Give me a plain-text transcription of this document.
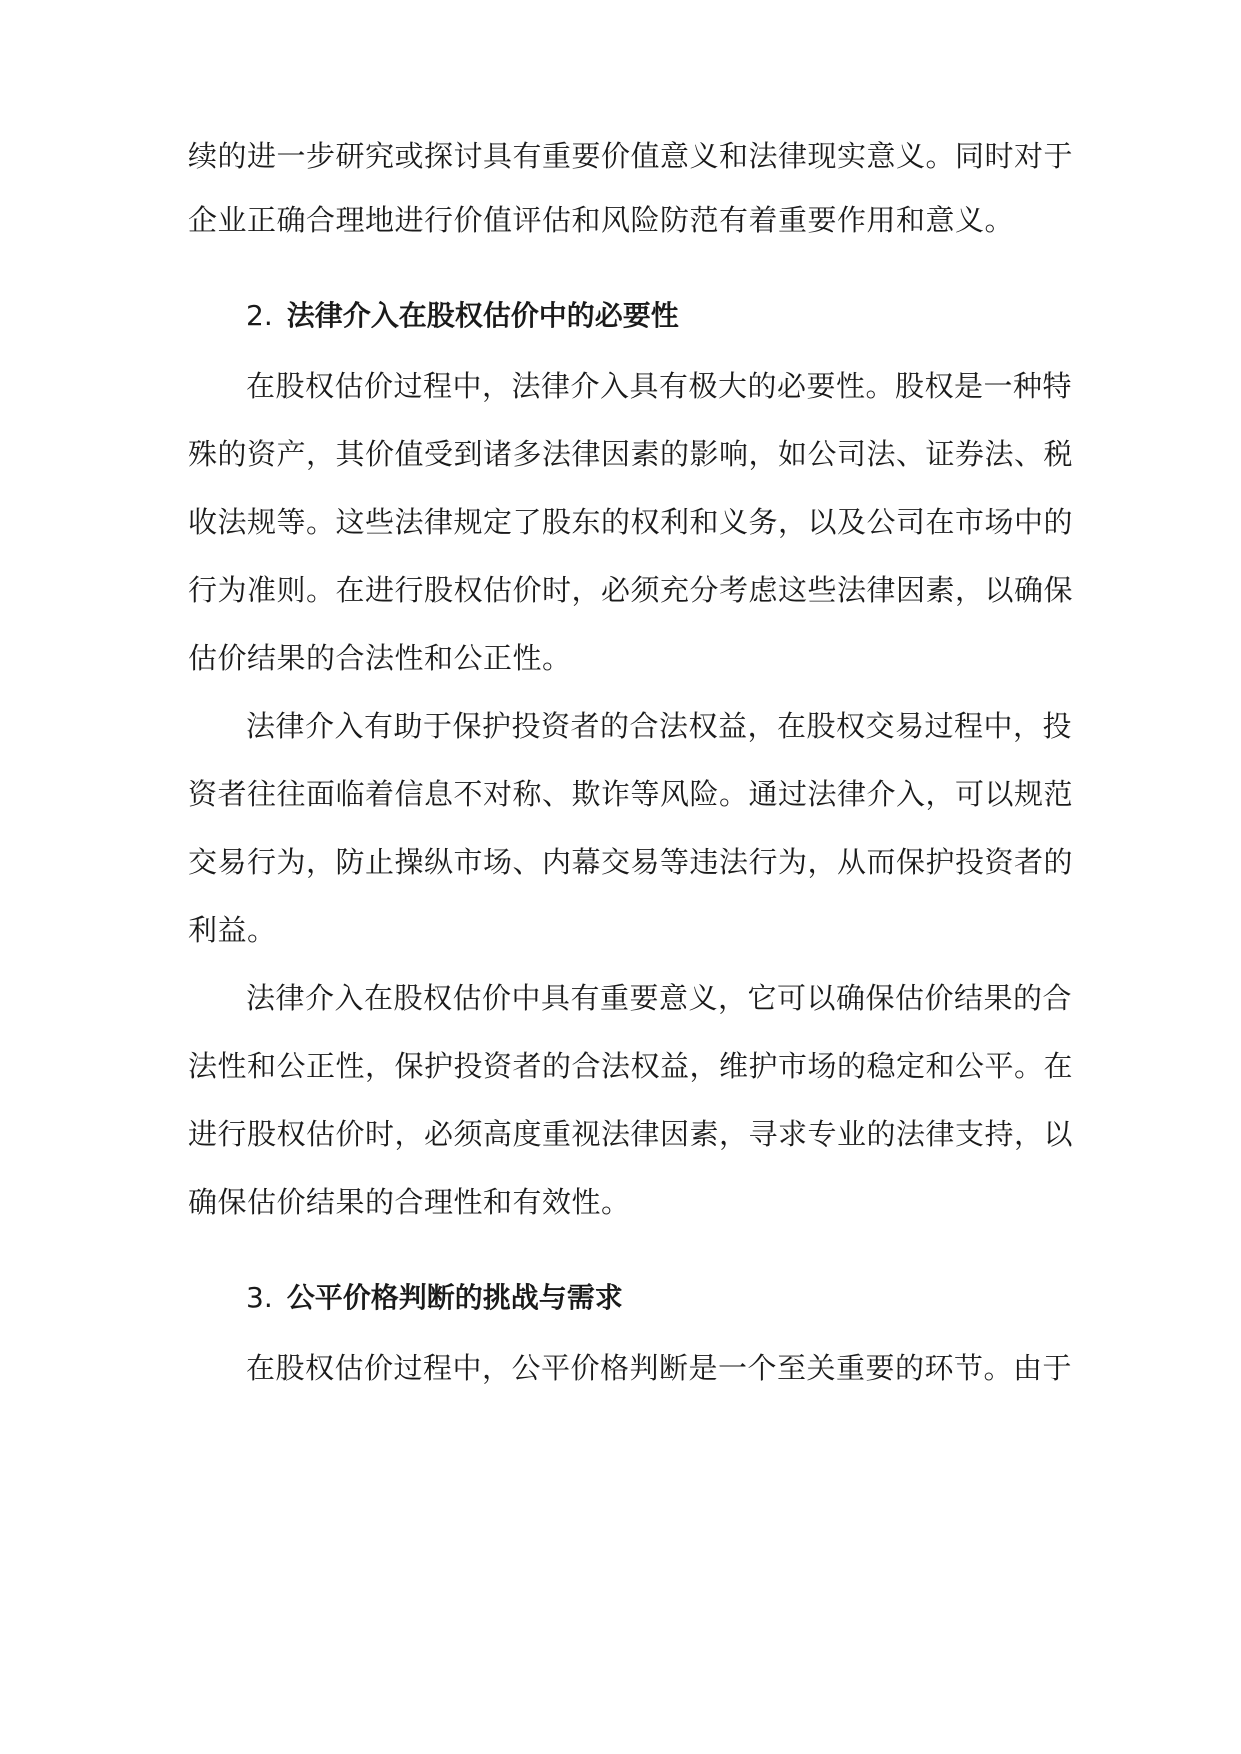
续的进一步研究或探讨具有重要价值意义和法律现实意义。同时对于
企业正确合理地进行价值评估和风险防范有着重要作用和意义。
2. 法律介入在股权估价中的必要性
在股权估价过程中，法律介入具有极大的必要性。股权是一种特
殊的资产，其价值受到诸多法律因素的影响，如公司法、证券法、税
收法规等。这些法律规定了股东的权利和义务，以及公司在市场中的
行为准则。在进行股权估价时，必须充分考虑这些法律因素，以确保
估价结果的合法性和公正性。
法律介入有助于保护投资者的合法权益，在股权交易过程中，投
资者往往面临着信息不对称、欺诈等风险。通过法律介入，可以规范
交易行为，防止操纵市场、内幕交易等违法行为，从而保护投资者的
利益。
法律介入在股权估价中具有重要意义，它可以确保估价结果的合
法性和公正性，保护投资者的合法权益，维护市场的稳定和公平。在
进行股权估价时，必须高度重视法律因素，寻求专业的法律支持，以
确保估价结果的合理性和有效性。
3. 公平价格判断的挑战与需求
在股权估价过程中，公平价格判断是一个至关重要的环节。由于
